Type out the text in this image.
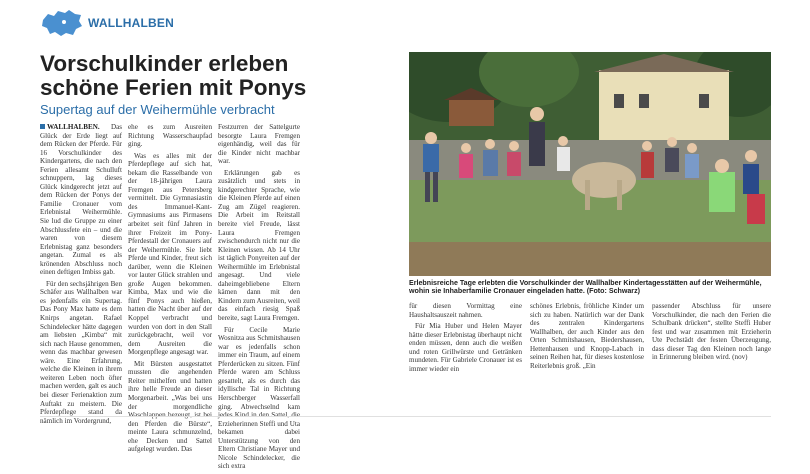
WALLHALBEN
Vorschulkinder erleben schöne Ferien mit Ponys
Supertag auf der Weihermühle verbracht

WALLHALBEN. Das Glück der Erde liegt auf dem Rücken der Pferde. Für 16 Vorschulkinder des Kindergartens, die nach den Ferien allesamt Schulluft schnuppern, lag dieses Glück kindgerecht jetzt auf dem Rücken der Ponys der Familie Cronauer vom Erlebnistal Weihermühle. Sie lud die Gruppe zu einer Abschlussfete ein – und die waren von diesem Erlebnistag ganz besonders angetan. Zumal es als krönenden Abschluss noch einen deftigen Imbiss gab.

Für den sechsjährigen Ben Schäfer aus Wallhalben war es jedenfalls ein Supertag. Das Pony Max hatte es dem Knirps angetan. Rafael Schindelecker hätte dagegen am liebsten „Kimba“ mit sich nach Hause genommen, wenn das machbar gewesen wäre. Eine Erfahrung, welche die Kleinen in ihrem weiteren Leben noch öfter machen werden, galt es auch bei dieser Ferienaktion zum Auftakt zu meistern. Die Pferdepflege stand da nämlich im Vordergrund,

ehe es zum Ausreiten Richtung Wasserschaupfad ging.

Was es alles mit der Pferdepflege auf sich hat, bekam die Rasselbande von der 18-jährigen Laura Fremgen aus Petersberg vermittelt. Die Gymnasiastin des Immanuel-Kant-Gymnasiums aus Pirmasens arbeitet seit fünf Jahren in ihrer Freizeit im Pony-Pferdestall der Cronauers auf der Weihermühle. Sie liebt Pferde und Kinder, freut sich darüber, wenn die Kleinen vor lauter Glück strahlen und große Augen bekommen. Kimba, Max und wie die fünf Ponys auch hießen, hatten die Nacht über auf der Koppel verbracht und wurden von dort in den Stall zurückgebracht, weil vor dem Ausreiten die Morgenpflege angesagt war.

Mit Bürsten ausgestattet mussten die angehenden Reiter mithelfen und hatten ihre helle Freude an dieser Morgenarbeit. „Was bei uns der morgendliche den Pferden die Bürste“, meinte Laura schmunzelnd, ehe Decken und Sattel aufgelegt wurden. Das

Festzurren der Sattelgurte besorgte Laura Fremgen eigenhändig, weil das für die Kinder nicht machbar war.

Erklärungen gab es zusätzlich und stets in kindgerechter Sprache, wie die Kleinen Pferde auf einen Zug am Zügel reagieren. Die Arbeit im Reitstall bereite viel Freude, lässt Laura Fremgen zwischendurch nicht nur die Kleinen wissen. Ab 14 Uhr ist täglich Ponyreiten auf der Weihermühle im Erlebnistal angesagt. Und viele daheimgebliebene Eltern kämen dann mit den Kindern zum Ausreiten, weil das einfach riesig Spaß bereite, sagt Laura Fremgen.

Für Cecile Marie Wosnitza aus Schmitshausen war es jedenfalls schon immer ein Traum, auf einem Pferderücken zu sitzen. Fünf Pferde waren am Schluss gesattelt, als es durch das idyllische Tal in Richtung Herschberger Wasserfall ging. Abwechselnd kam Erzieherinnen Steffi und Uta bekamen dabei Unterstützung von den Eltern Christiane Mayer und Nicole Schindelecker, die sich extra

Erlebnisreiche Tage erlebten die Vorschulkinder der Wallhalber Kindertagesstätten auf der Weihermühle, wohin sie Inhaberfamilie Cronauer eingeladen hatte. (Foto: Schwarz)

für diesen Vormittag eine Haushaltsauszeit nahmen.

Für Mia Huber und Helen Mayer hätte dieser Erlebnistag überhaupt nicht enden müssen, denn auch die weißen und roten Grillwürste und Getränken mundeten. Für Gabriele Cronauer ist es immer wieder ein

schönes Erlebnis, fröhliche Kinder um sich zu haben. Natürlich war der Dank des zentralen Kindergartens Wallhalben, der auch Kinder aus den Orten Schmitshausen, Biedershausen, Hettenhausen und Knopp-Labach in seinen Reihen hat, für dieses kostenlose Reiterlebnis groß. „Ein

passender Abschluss für unsere Vorschulkinder, die nach den Ferien die Schulbank drücken“, stellte Steffi Huber fest und war zusammen mit Erzieherin Ute Pechstädt der festen Überzeugung, dass dieser Tag den Kleinen noch lange in Erinnerung bleiben wird. (nov)
